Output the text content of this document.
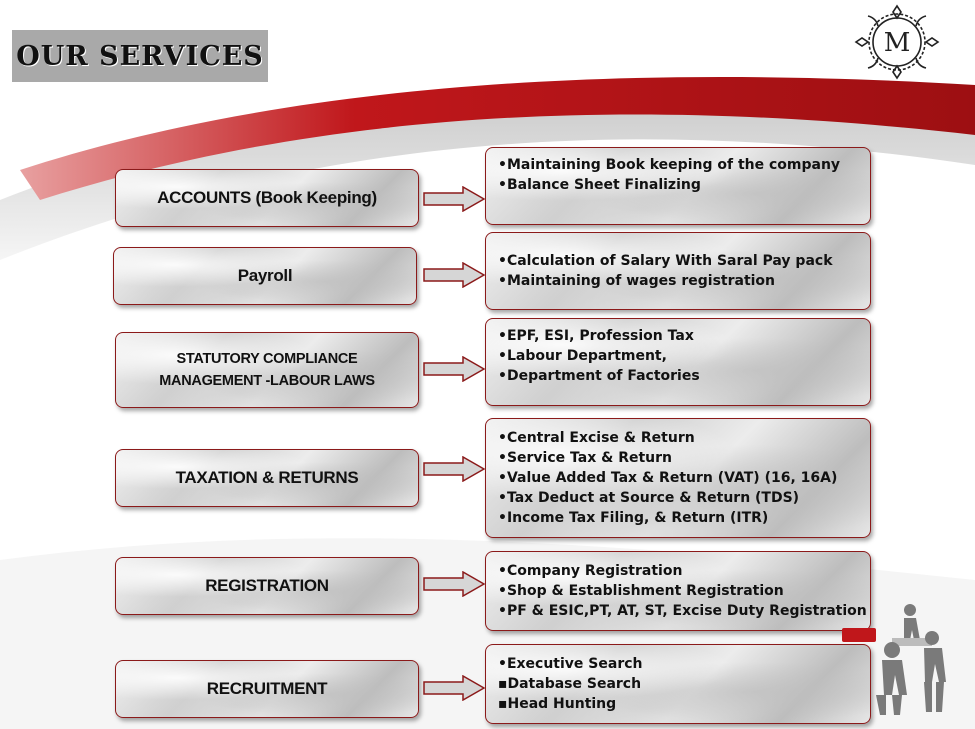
OUR SERVICES	M
ACCOUNTS (Book Keeping)
•Maintaining Book keeping of the company
•Balance Sheet Finalizing
Payroll
•Calculation of Salary With Saral Pay pack
•Maintaining of wages registration
STATUTORY COMPLIANCE
MANAGEMENT -LABOUR LAWS
•EPF, ESI, Profession Tax
•Labour Department,
•Department of Factories
TAXATION & RETURNS
•Central Excise & Return
•Service Tax & Return
•Value Added Tax & Return (VAT) (16, 16A)
•Tax Deduct at Source & Return (TDS)
•Income Tax Filing, & Return (ITR)
REGISTRATION
•Company Registration
•Shop & Establishment Registration
•PF & ESIC,PT, AT, ST, Excise Duty Registration
RECRUITMENT
•Executive Search
▪Database Search
▪Head Hunting
